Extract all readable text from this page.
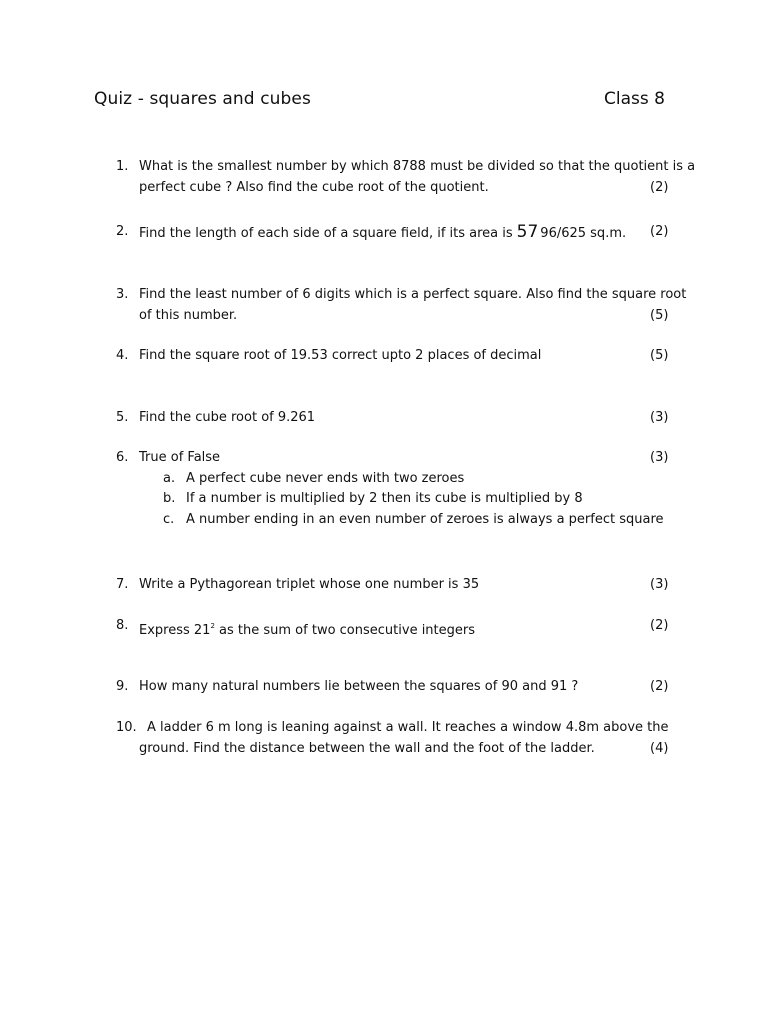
Quiz - squares and cubes	Class 8
1. What is the smallest number by which 8788 must be divided so that the quotient is a
perfect cube ? Also find the cube root of the quotient.	(2)
2. Find the length of each side of a square field, if its area is 57 96/625 sq.m. (2)
3. Find the least number of 6 digits which is a perfect square. Also find the square root
of this number.	(5)
4. Find the square root of 19.53 correct upto 2 places of decimal	(5)
5. Find the cube root of 9.261	(3)
6. True of False	(3)
a. A perfect cube never ends with two zeroes
b. If a number is multiplied by 2 then its cube is multiplied by 8
c. A number ending in an even number of zeroes is always a perfect square
7. Write a Pythagorean triplet whose one number is 35	(3)
8. Express $21^2$ as the sum of two consecutive integers	(2)
9. How many natural numbers lie between the squares of 90 and 91 ?	(2)
10. A ladder 6 m long is leaning against a wall. It reaches a window 4.8m above the
ground. Find the distance between the wall and the foot of the ladder.	(4)
